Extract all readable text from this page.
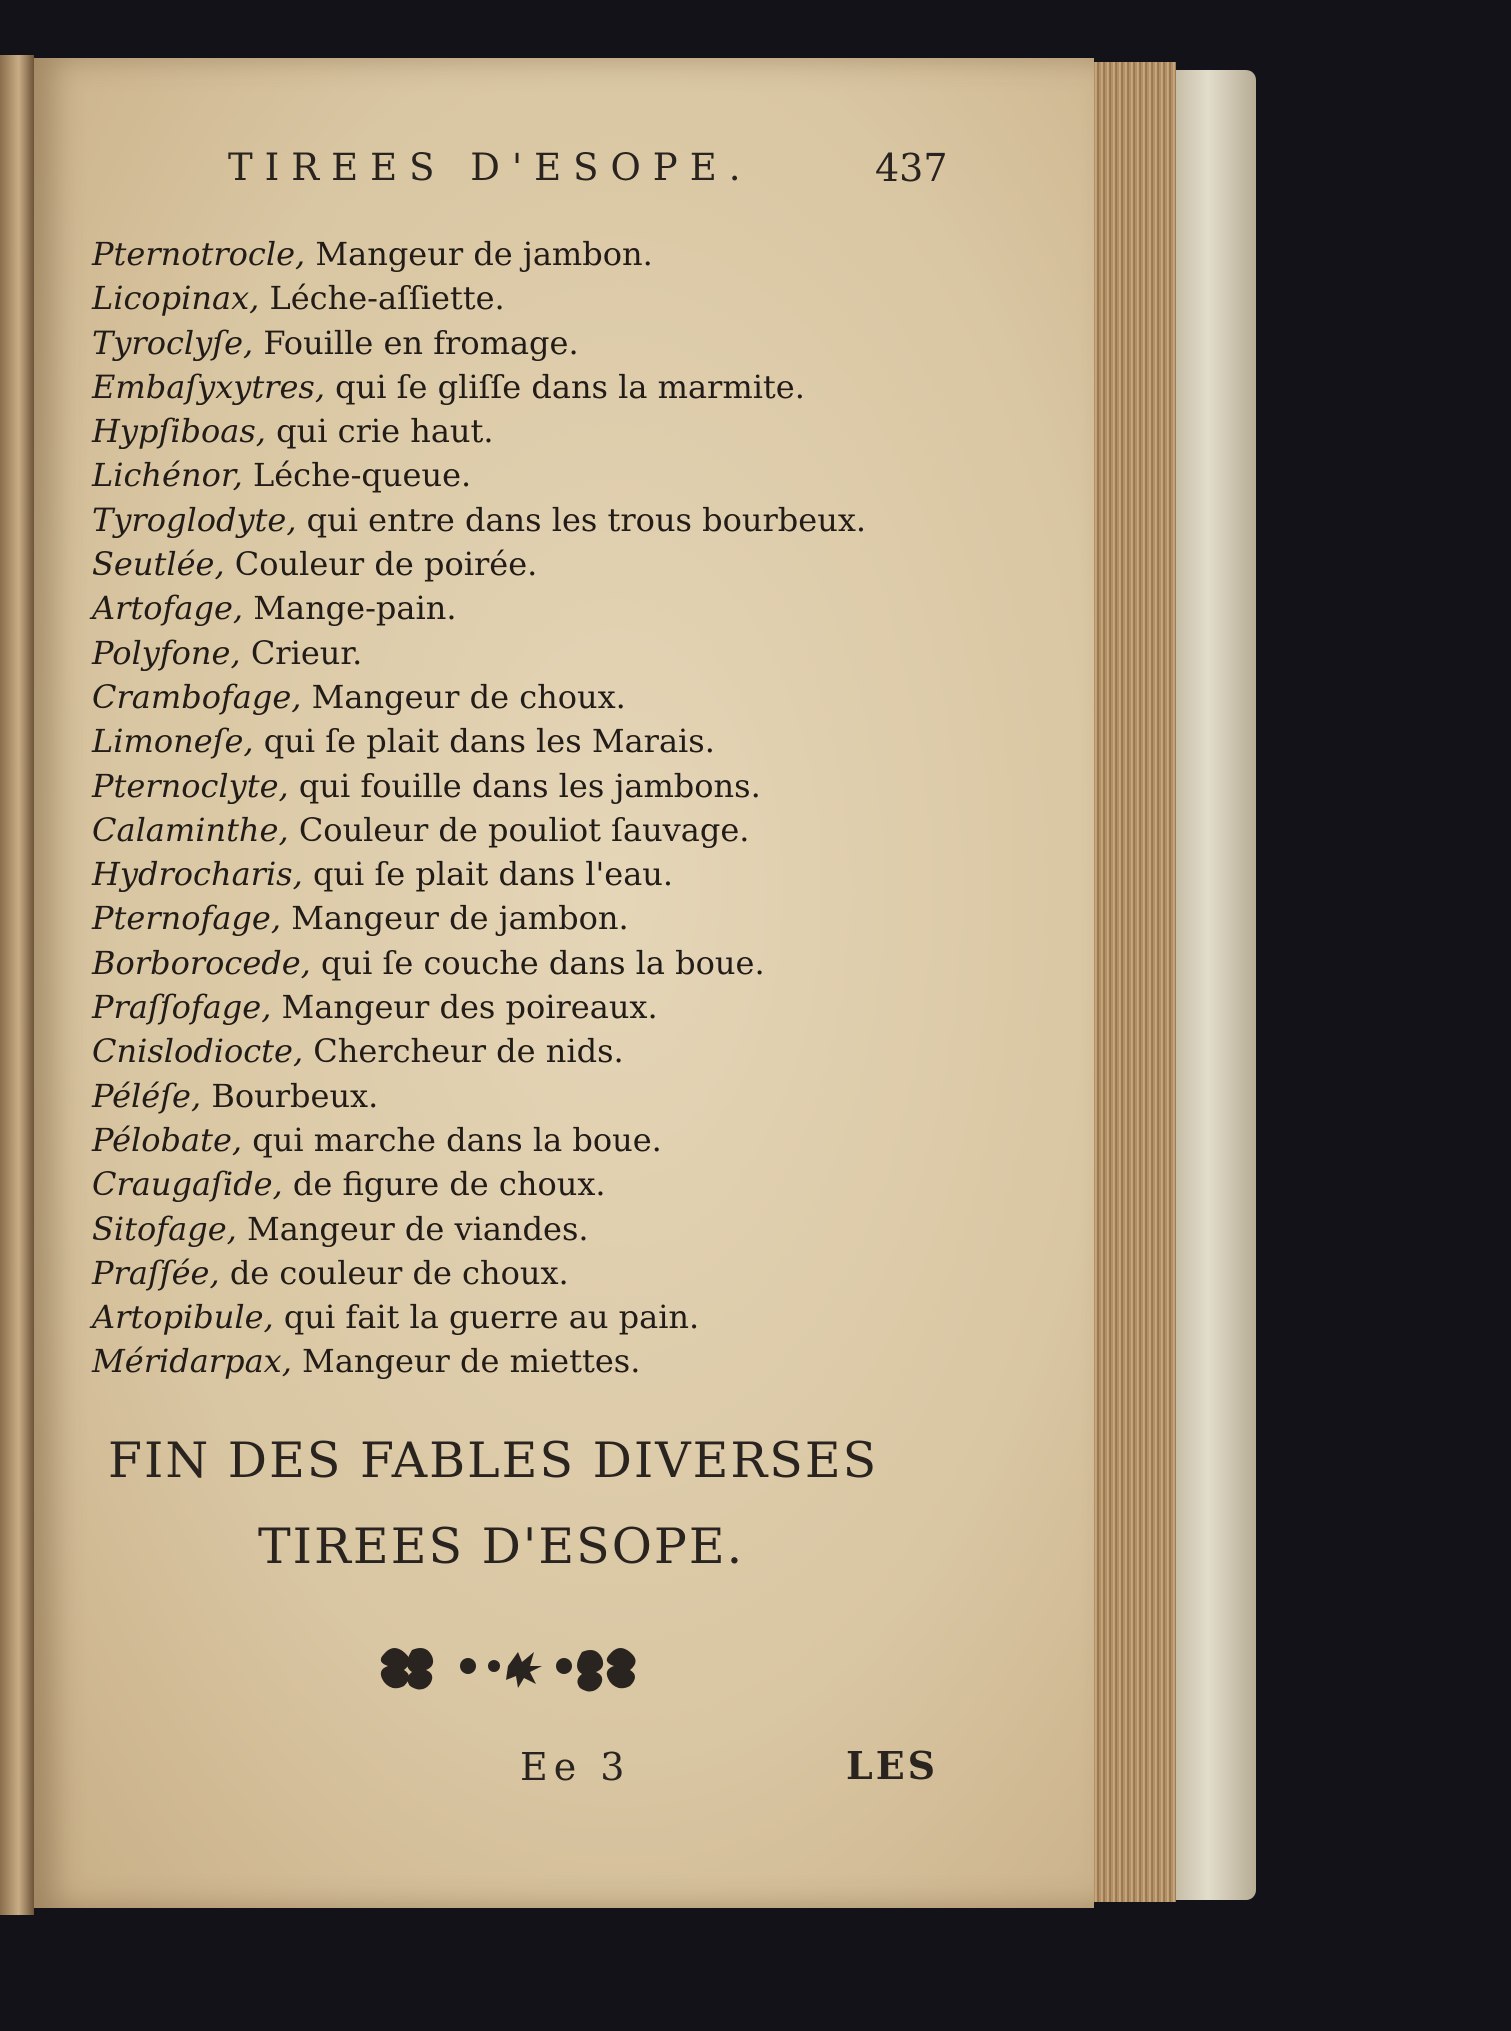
TIREES D'ESOPE.	437
Pternotrocle, Mangeur de jambon.
Licopinax, Léche-aſſiette.
Tyroclyſe, Fouille en fromage.
Embaſyxytres, qui ſe gliſſe dans la marmite.
Hypſiboas, qui crie haut.
Lichénor, Léche-queue.
Tyroglodyte, qui entre dans les trous bourbeux.
Seutlée, Couleur de poirée.
Artofage, Mange-pain.
Polyfone, Crieur.
Crambofage, Mangeur de choux.
Limoneſe, qui ſe plait dans les Marais.
Pternoclyte, qui fouille dans les jambons.
Calaminthe, Couleur de pouliot ſauvage.
Hydrocharis, qui ſe plait dans l'eau.
Pternofage, Mangeur de jambon.
Borborocede, qui ſe couche dans la boue.
Praſſofage, Mangeur des poireaux.
Cnislodiocte, Chercheur de nids.
Péléſe, Bourbeux.
Pélobate, qui marche dans la boue.
Craugaſide, de figure de choux.
Sitofage, Mangeur de viandes.
Praſſée, de couleur de choux.
Artopibule, qui fait la guerre au pain.
Méridarpax, Mangeur de miettes.
FIN DES FABLES DIVERSES
TIREES D'ESOPE.
Ee 3	LES
